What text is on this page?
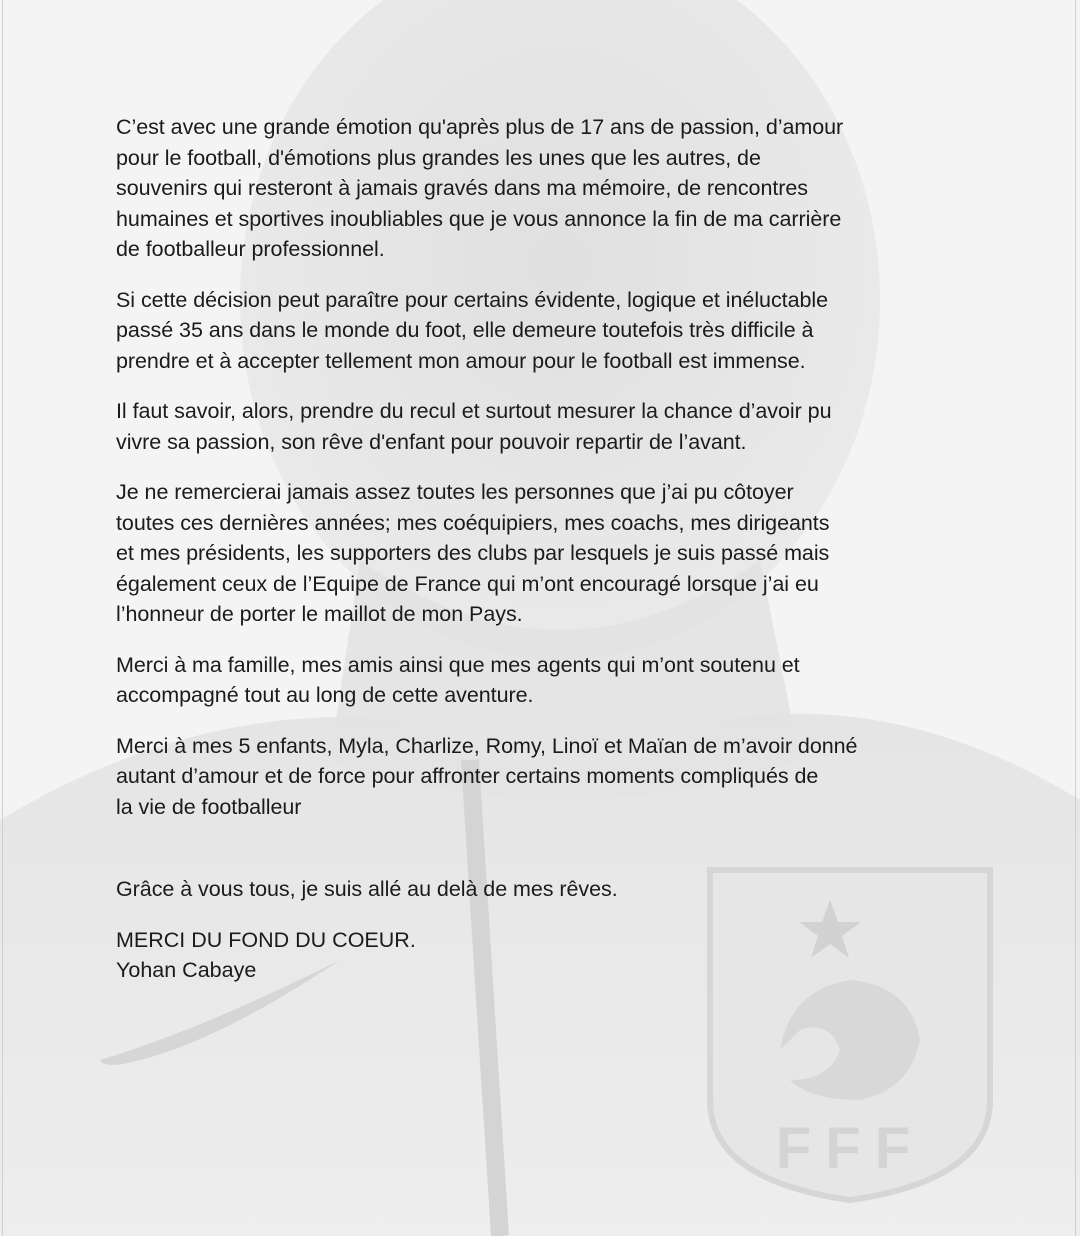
FFF

C’est avec une grande émotion qu'après plus de 17 ans de passion, d’amour
pour le football, d'émotions plus grandes les unes que les autres, de
souvenirs qui resteront à jamais gravés dans ma mémoire, de rencontres
humaines et sportives inoubliables que je vous annonce la fin de ma carrière
de footballeur professionnel.

Si cette décision peut paraître pour certains évidente, logique et inéluctable
passé 35 ans dans le monde du foot, elle demeure toutefois très difficile à
prendre et à accepter tellement mon amour pour le football est immense.

Il faut savoir, alors, prendre du recul et surtout mesurer la chance d’avoir pu
vivre sa passion, son rêve d'enfant pour pouvoir repartir de l’avant.

Je ne remercierai jamais assez toutes les personnes que j’ai pu côtoyer
toutes ces dernières années; mes coéquipiers, mes coachs, mes dirigeants
et mes présidents, les supporters des clubs par lesquels je suis passé mais
également ceux de l’Equipe de France qui m’ont encouragé lorsque j’ai eu
l’honneur de porter le maillot de mon Pays.

Merci à ma famille, mes amis ainsi que mes agents qui m’ont soutenu et
accompagné tout au long de cette aventure.

Merci à mes 5 enfants, Myla, Charlize, Romy, Linoï et Maïan de m’avoir donné
autant d’amour et de force pour affronter certains moments compliqués de
la vie de footballeur

Grâce à vous tous, je suis allé au delà de mes rêves.

MERCI DU FOND DU COEUR.

Yohan Cabaye
